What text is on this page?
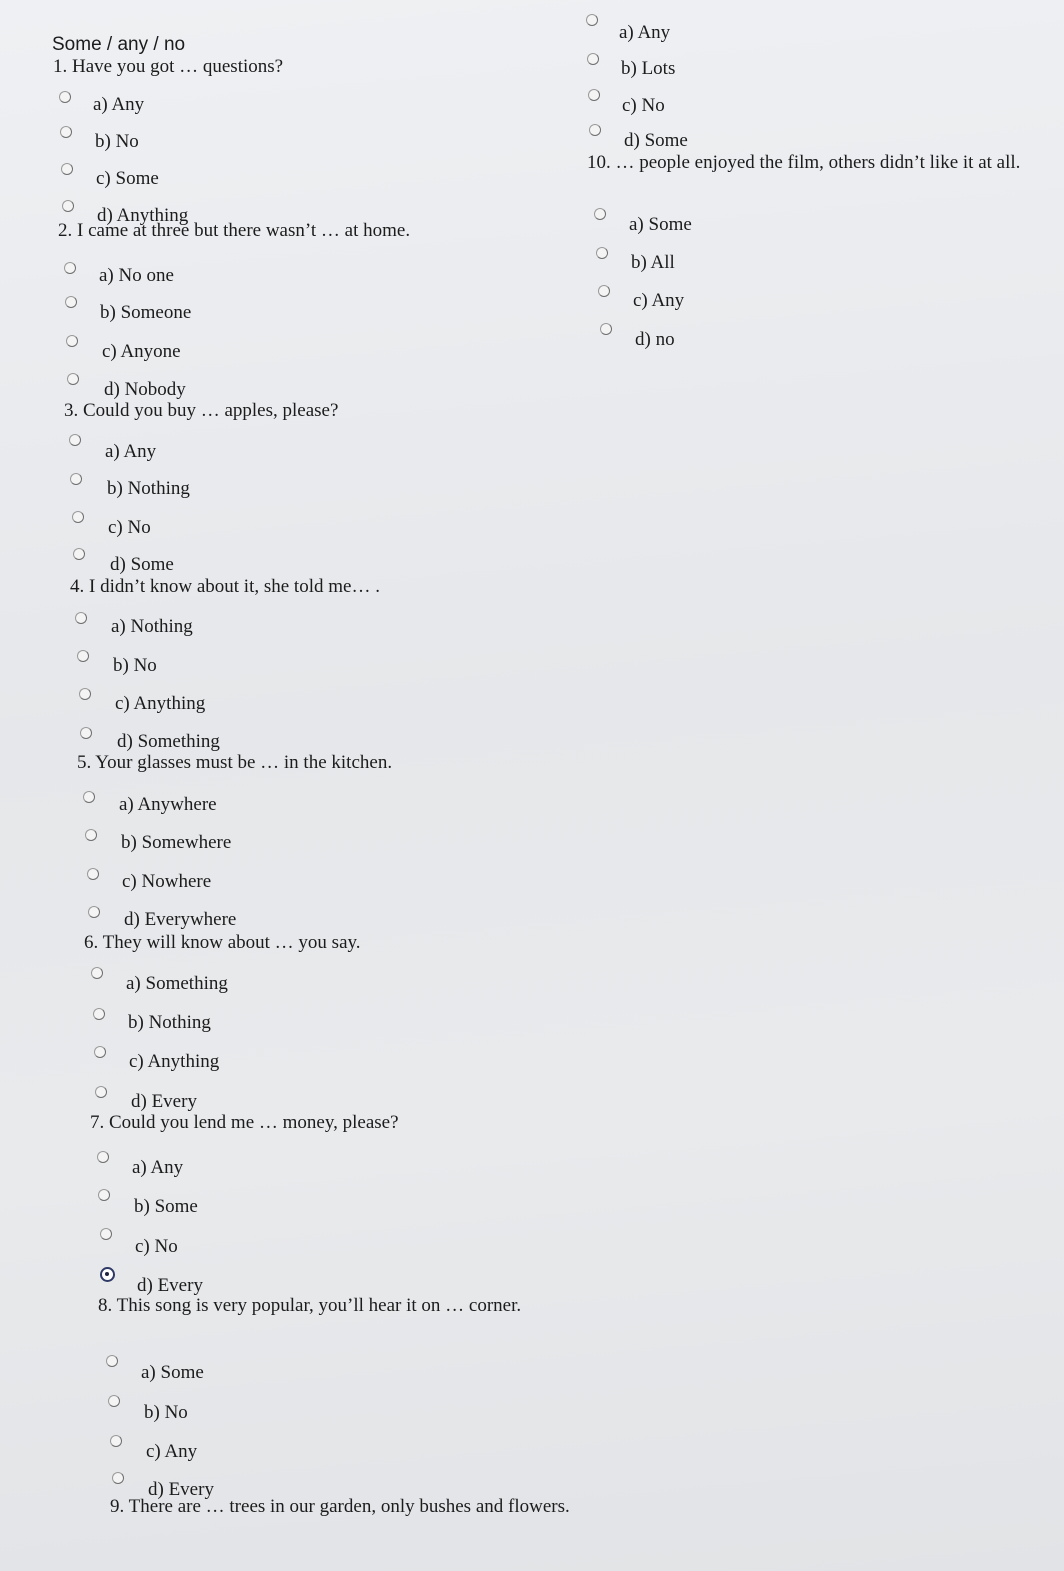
Some / any / no
1. Have you got … questions?
a) Any
b) No
c) Some
d) Anything
2. I came at three but there wasn’t … at home.
a) No one
b) Someone
c) Anyone
d) Nobody
3. Could you buy … apples, please?
a) Any
b) Nothing
c) No
d) Some
4. I didn’t know about it, she told me… .
a) Nothing
b) No
c) Anything
d) Something
5. Your glasses must be … in the kitchen.
a) Anywhere
b) Somewhere
c) Nowhere
d) Everywhere
6. They will know about … you say.
a) Something
b) Nothing
c) Anything
d) Every
7. Could you lend me … money, please?
a) Any
b) Some
c) No
d) Every
8. This song is very popular, you’ll hear it on … corner.
a) Some
b) No
c) Any
d) Every
9. There are … trees in our garden, only bushes and flowers.
a) Any
b) Lots
c) No
d) Some
10. … people enjoyed the film, others didn’t like it at all.
a) Some
b) All
c) Any
d) no
